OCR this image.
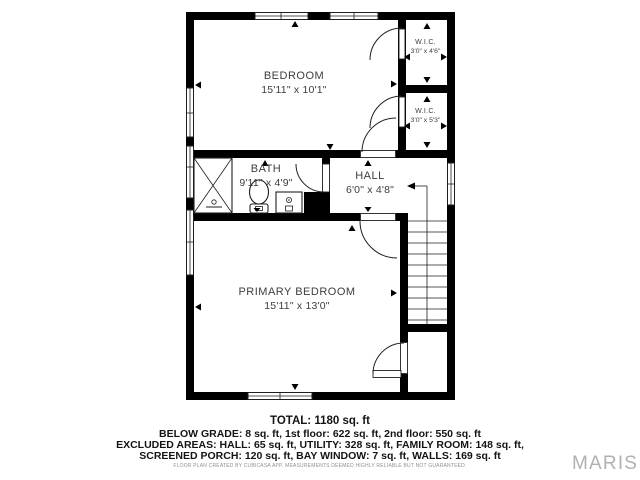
BEDROOM
15'11" x 10'1"
W.I.C.
3'0" x 4'6"
W.I.C.
3'0" x 5'3"
BATH
9'11" x 4'9"
HALL
6'0" x 4'8"
PRIMARY BEDROOM
15'11" x 13'0"
TOTAL: 1180 sq. ft
BELOW GRADE: 8 sq. ft, 1st floor: 622 sq. ft, 2nd floor: 550 sq. ft
EXCLUDED AREAS: HALL: 65 sq. ft, UTILITY: 328 sq. ft, FAMILY ROOM: 148 sq. ft,
SCREENED PORCH: 120 sq. ft, BAY WINDOW: 7 sq. ft, WALLS: 169 sq. ft
FLOOR PLAN CREATED BY CUBICASA APP. MEASUREMENTS DEEMED HIGHLY RELIABLE BUT NOT GUARANTEED.	MARIS
